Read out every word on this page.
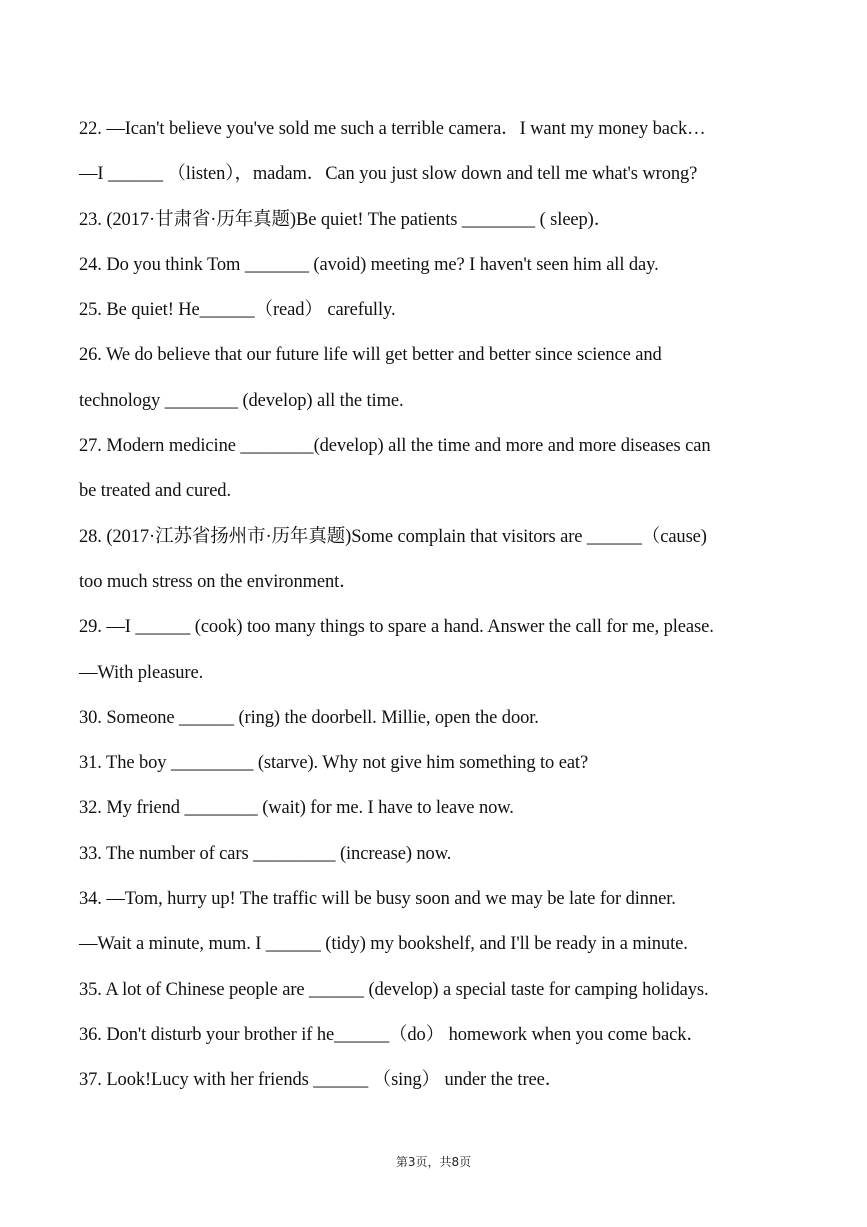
22. —Ican't believe you've sold me such a terrible camera．I want my money back…
—I ______ （listen），madam．Can you just slow down and tell me what's wrong?
23. (2017·甘肃省·历年真题)Be quiet! The patients ________ ( sleep)．
24. Do you think Tom _______ (avoid) meeting me? I haven't seen him all day.
25. Be quiet! He______（read） carefully.
26. We do believe that our future life will get better and better since science and
technology ________ (develop) all the time.
27. Modern medicine ________(develop) all the time and more and more diseases can
be treated and cured.
28. (2017·江苏省扬州市·历年真题)Some complain that visitors are ______（cause)
too much stress on the environment．
29. —I ______ (cook) too many things to spare a hand. Answer the call for me, please.
—With pleasure.
30. Someone ______ (ring) the doorbell. Millie, open the door.
31. The boy _________ (starve). Why not give him something to eat?
32. My friend ________ (wait) for me. I have to leave now.
33. The number of cars _________ (increase) now.
34. —Tom, hurry up! The traffic will be busy soon and we may be late for dinner.
—Wait a minute, mum. I ______ (tidy) my bookshelf, and I'll be ready in a minute.
35. A lot of Chinese people are ______ (develop) a special taste for camping holidays.
36. Don't disturb your brother if he______（do） homework when you come back．
37. Look!Lucy with her friends ______ （sing） under the tree．
第3页，共8页
